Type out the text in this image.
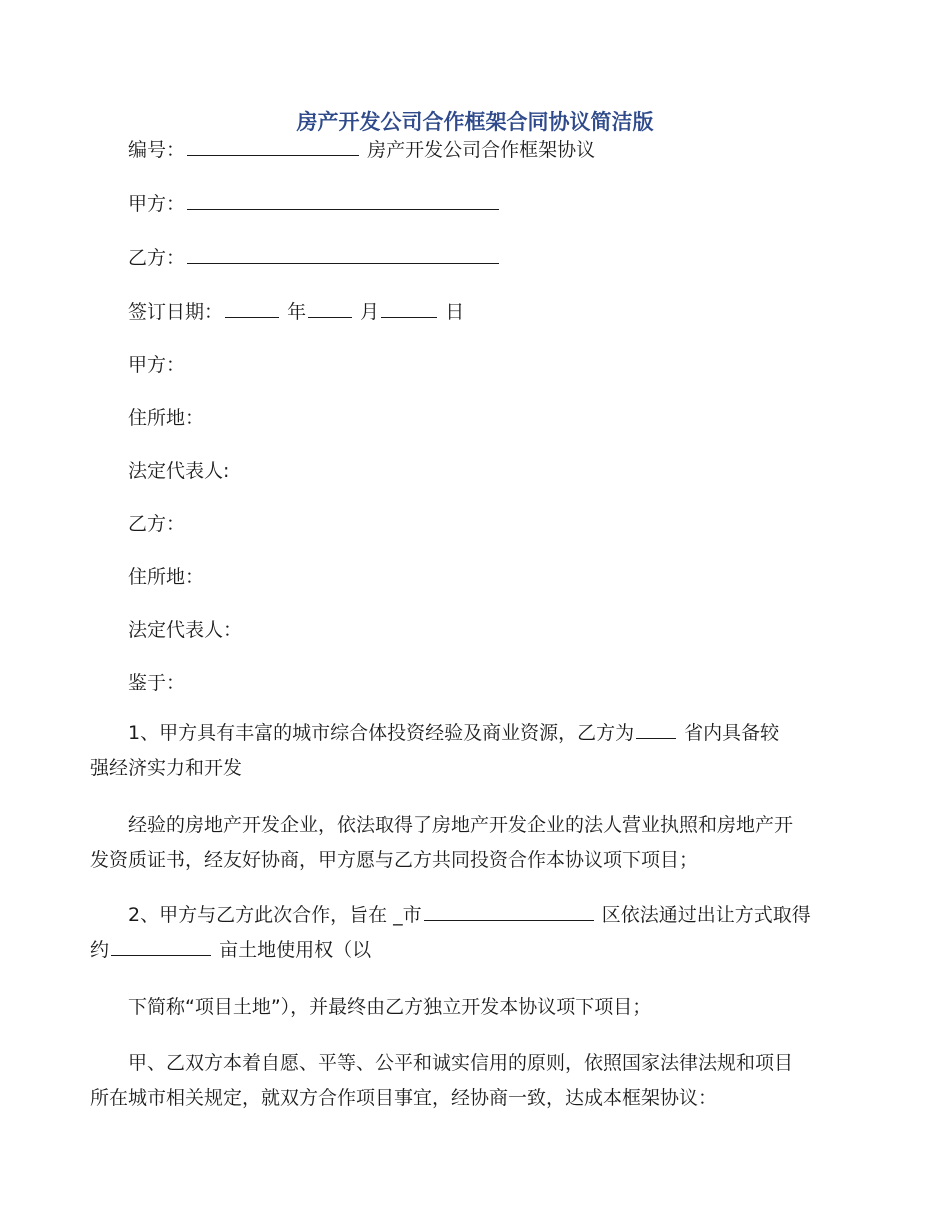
房产开发公司合作框架合同协议简洁版

编号：	房产开发公司合作框架协议

甲方：

乙方：

签订日期：	年	月	日

甲方：

住所地：

法定代表人:

乙方：

住所地：

法定代表人：

鉴于：

1、甲方具有丰富的城市综合体投资经验及商业资源，乙方为	省内具备较
强经济实力和开发

经验的房地产开发企业，依法取得了房地产开发企业的法人营业执照和房地产开
发资质证书，经友好协商，甲方愿与乙方共同投资合作本协议项下项目；

2、甲方与乙方此次合作，旨在 _市	区依法通过出让方式取得
约	亩土地使用权（以

下简称“项目土地”），并最终由乙方独立开发本协议项下项目；

甲、乙双方本着自愿、平等、公平和诚实信用的原则，依照国家法律法规和项目
所在城市相关规定，就双方合作项目事宜，经协商一致，达成本框架协议：
